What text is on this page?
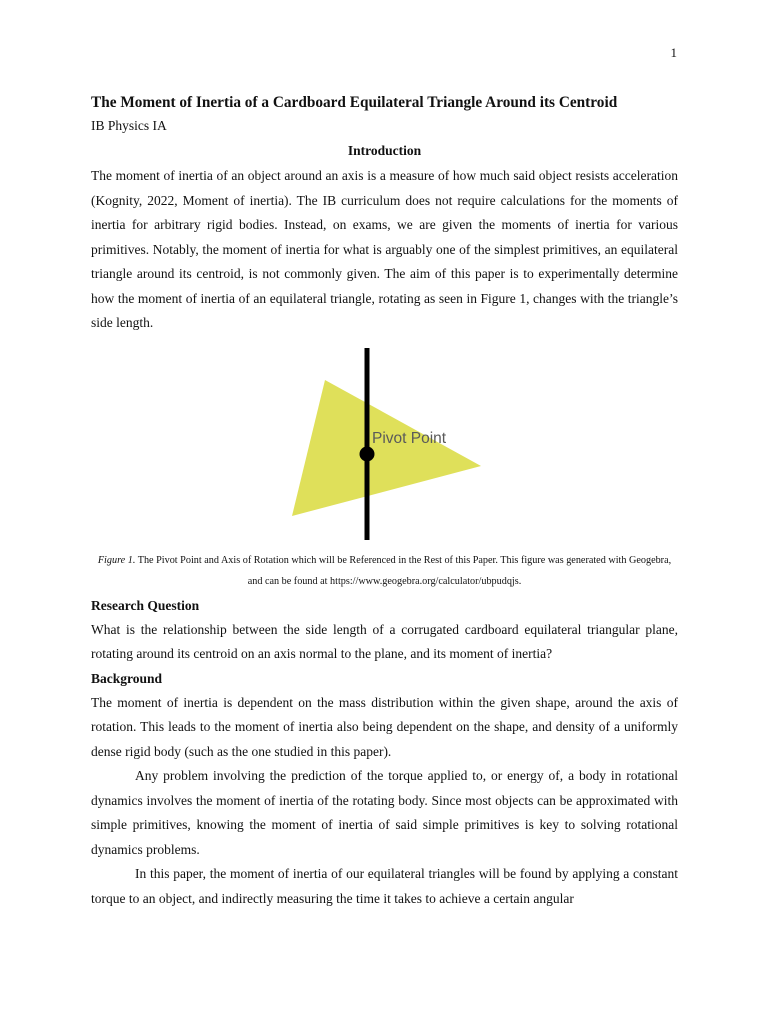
1
The Moment of Inertia of a Cardboard Equilateral Triangle Around its Centroid
IB Physics IA
Introduction

The moment of inertia of an object around an axis is a measure of how much said object resists acceleration (Kognity, 2022, Moment of inertia). The IB curriculum does not require calculations for the moments of inertia for arbitrary rigid bodies. Instead, on exams, we are given the moments of inertia for various primitives. Notably, the moment of inertia for what is arguably one of the simplest primitives, an equilateral triangle around its centroid, is not commonly given. The aim of this paper is to experimentally determine how the moment of inertia of an equilateral triangle, rotating as seen in Figure 1, changes with the triangle’s side length.

Pivot Point

Figure 1. The Pivot Point and Axis of Rotation which will be Referenced in the Rest of this Paper. This figure was generated with Geogebra, and can be found at https://www.geogebra.org/calculator/ubpudqjs.

Research Question

What is the relationship between the side length of a corrugated cardboard equilateral triangular plane, rotating around its centroid on an axis normal to the plane, and its moment of inertia?

Background

The moment of inertia is dependent on the mass distribution within the given shape, around the axis of rotation. This leads to the moment of inertia also being dependent on the shape, and density of a uniformly dense rigid body (such as the one studied in this paper).

Any problem involving the prediction of the torque applied to, or energy of, a body in rotational dynamics involves the moment of inertia of the rotating body. Since most objects can be approximated with simple primitives, knowing the moment of inertia of said simple primitives is key to solving rotational dynamics problems.

In this paper, the moment of inertia of our equilateral triangles will be found by applying a constant torque to an object, and indirectly measuring the time it takes to achieve a certain angular
